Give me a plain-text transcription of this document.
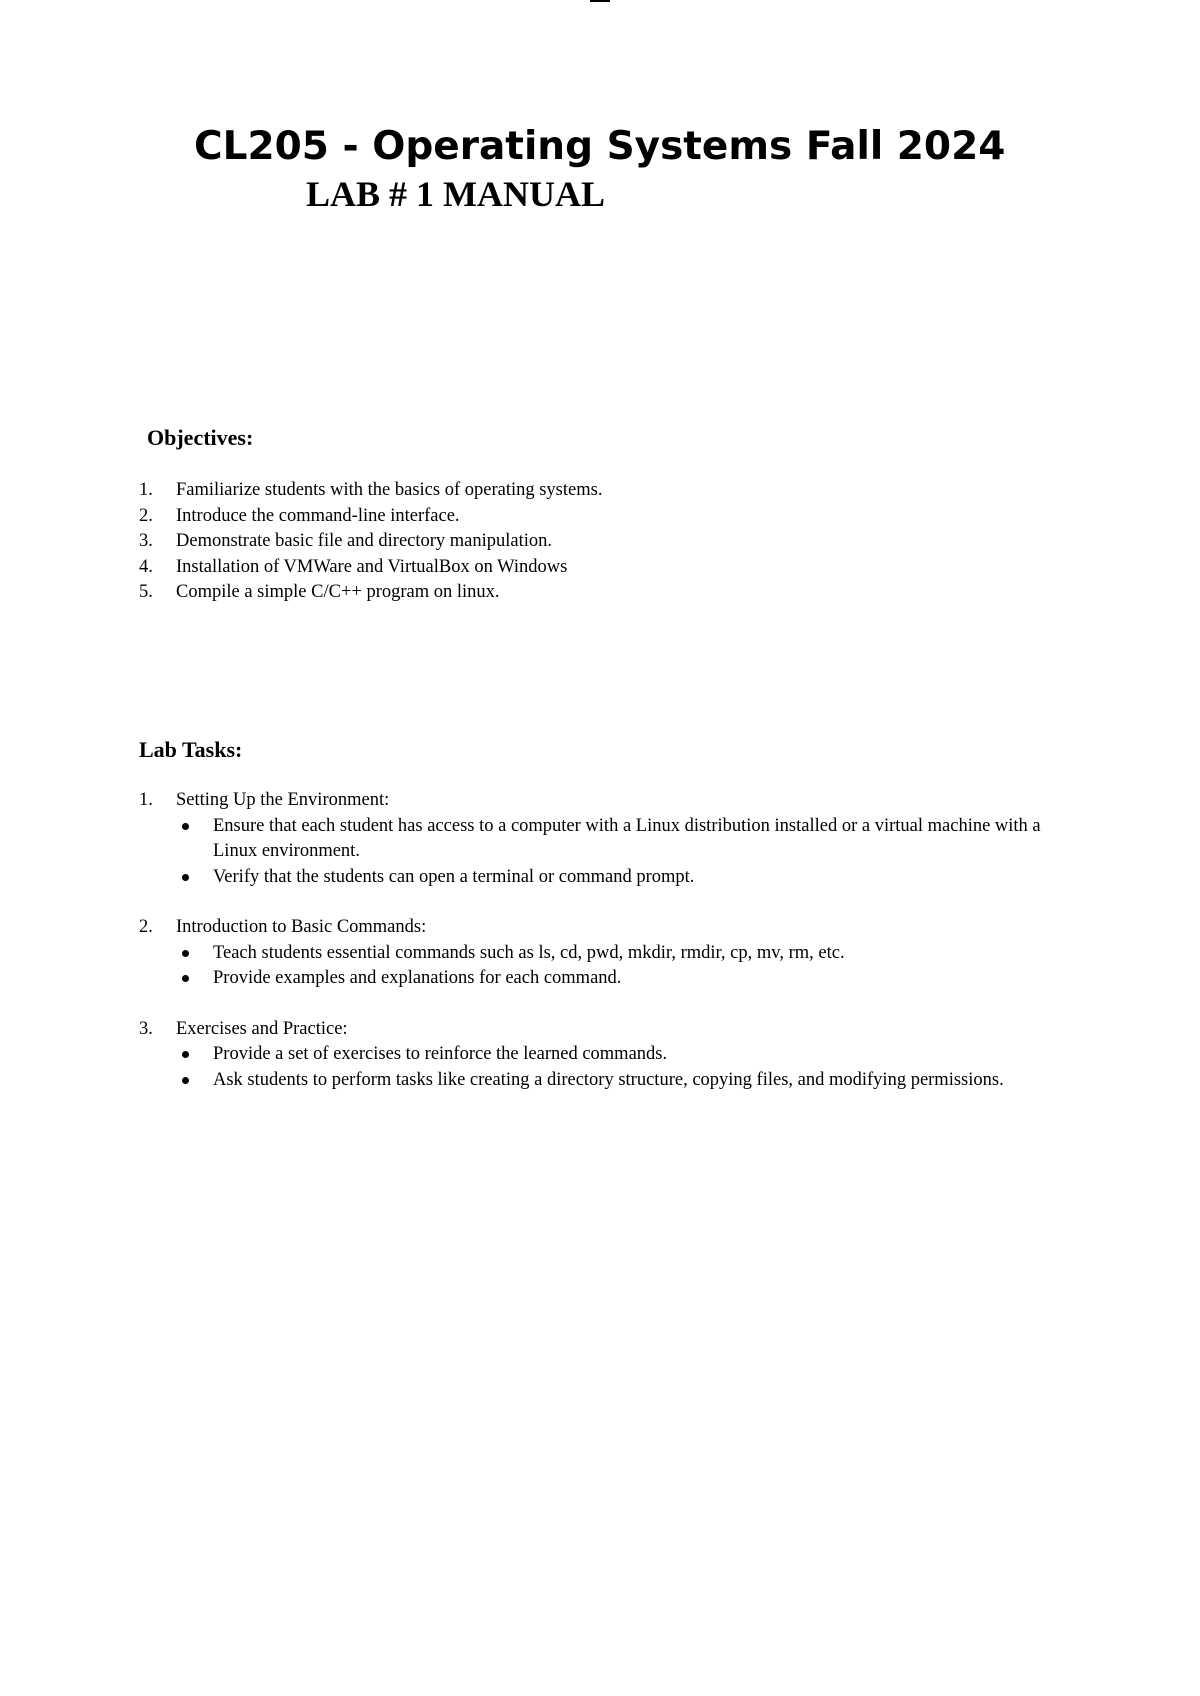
CL205 - Operating Systems Fall 2024
LAB # 1 MANUAL
Objectives:
1. Familiarize students with the basics of operating systems.
2. Introduce the command-line interface.
3. Demonstrate basic file and directory manipulation.
4. Installation of VMWare and VirtualBox on Windows
5. Compile a simple C/C++ program on linux.
Lab Tasks:
1. Setting Up the Environment:
Ensure that each student has access to a computer with a Linux distribution installed or a virtual machine with a Linux environment.
Verify that the students can open a terminal or command prompt.
2. Introduction to Basic Commands:
Teach students essential commands such as ls, cd, pwd, mkdir, rmdir, cp, mv, rm, etc.
Provide examples and explanations for each command.
3. Exercises and Practice:
Provide a set of exercises to reinforce the learned commands.
Ask students to perform tasks like creating a directory structure, copying files, and modifying permissions.
